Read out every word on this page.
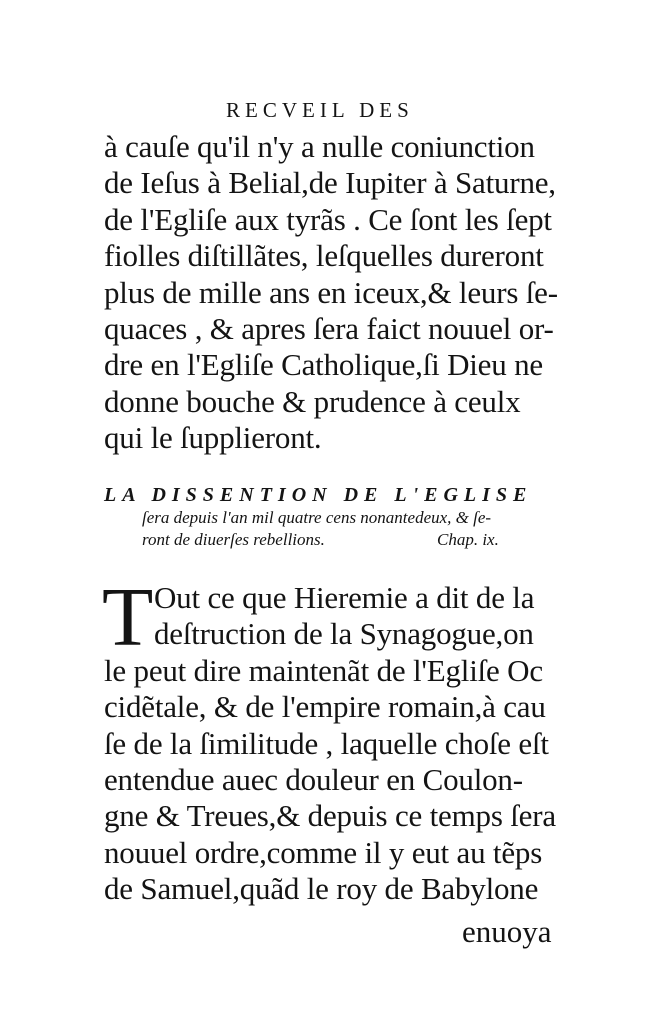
RECVEIL DES
à cauſe qu'il n'y a nulle coniunction
de Ieſus à Belial,de Iupiter à Saturne,
de l'Egliſe aux tyrãs . Ce ſont les ſept
fiolles diſtillãtes, leſquelles dureront
plus de mille ans en iceux,& leurs ſe-
quaces , & apres ſera faict nouuel or-
dre en l'Egliſe Catholique,ſi Dieu ne
donne bouche & prudence à ceulx
qui le ſupplieront.
LA DISSENTION DE L'EGLISE
ſera depuis l'an mil quatre cens nonantedeux, & ſe-
ront de diuerſes rebellions.	Chap. ix.
T Out ce que Hieremie a dit de la
deſtruction de la Synagogue,on
le peut dire maintenãt de l'Egliſe Oc
cidẽtale, & de l'empire romain,à cau
ſe de la ſimilitude , laquelle choſe eſt
entendue auec douleur en Coulon-
gne & Treues,& depuis ce temps ſera
nouuel ordre,comme il y eut au tẽps
de Samuel,quãd le roy de Babylone
enuoya
